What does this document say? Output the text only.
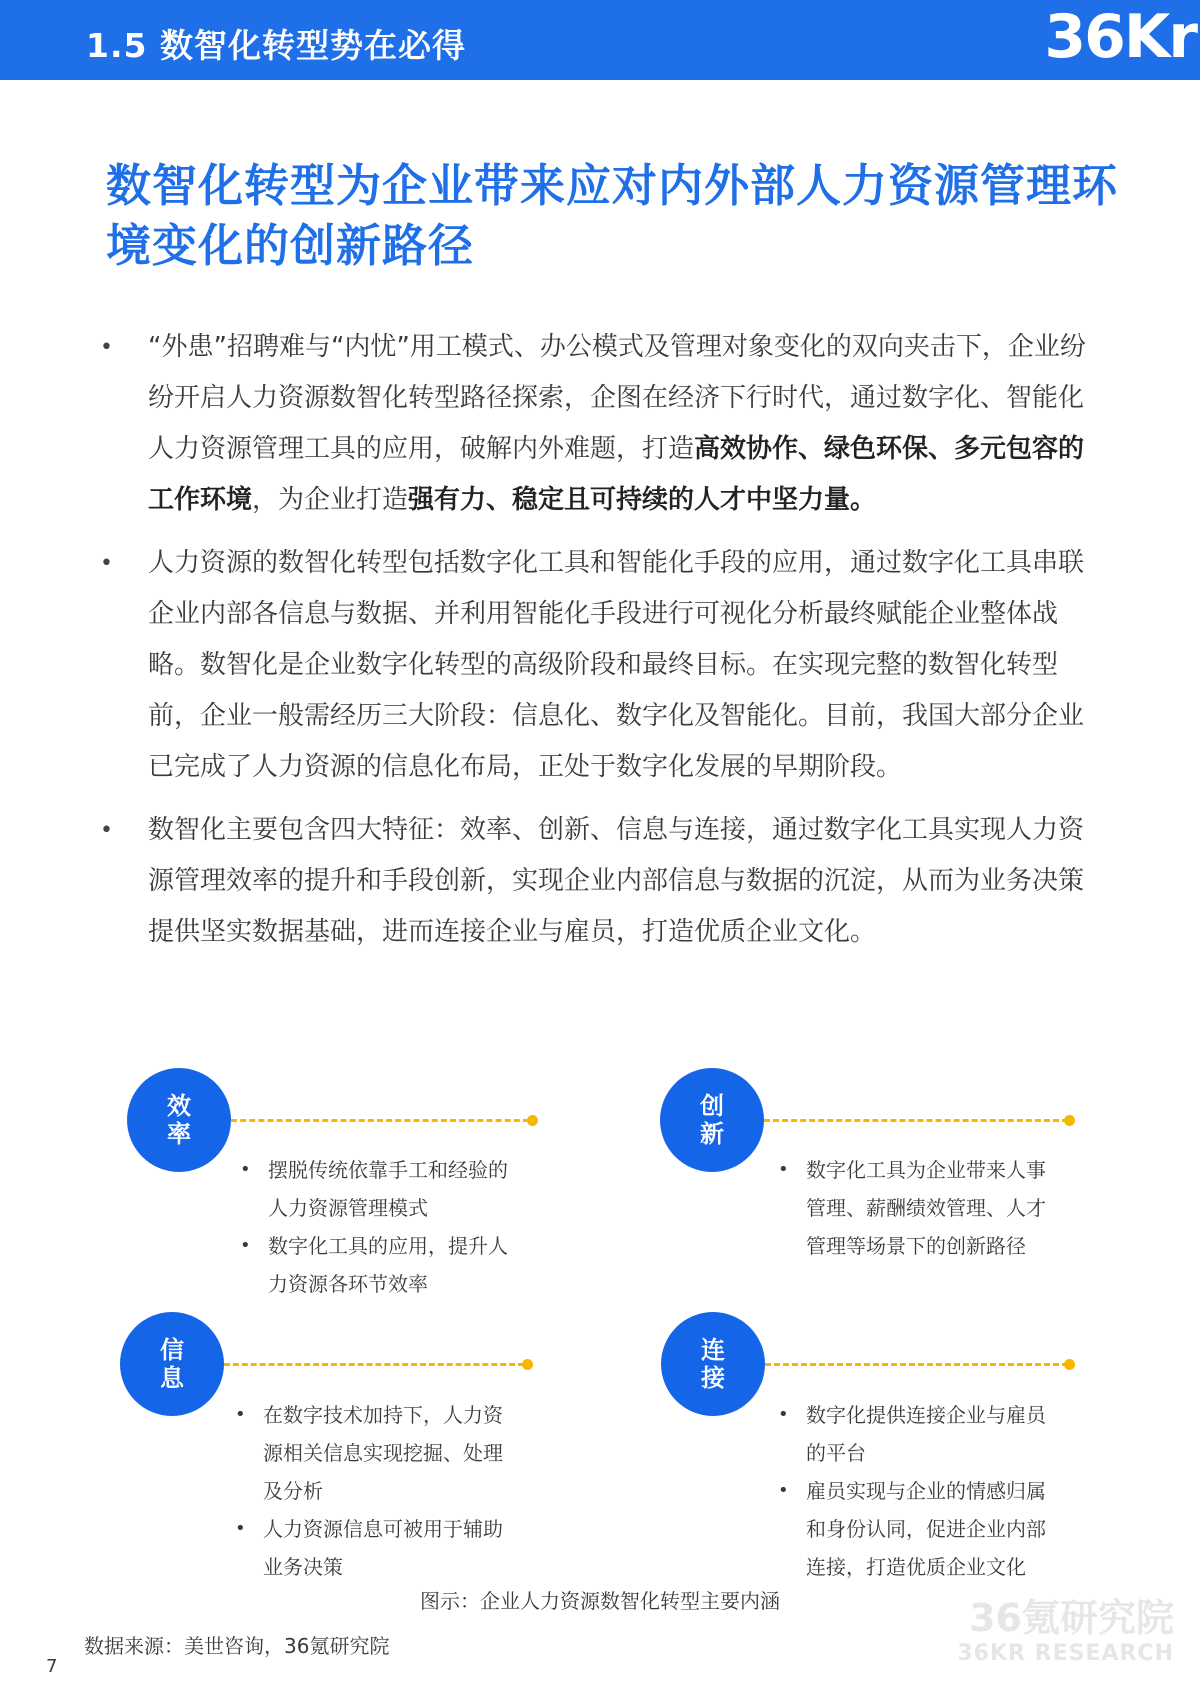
1.5 数智化转型势在必得	36Kr
数智化转型为企业带来应对内外部人力资源管理环境变化的创新路径
• “外患”招聘难与“内忧”用工模式、办公模式及管理对象变化的双向夹击下，企业纷纷开启人力资源数智化转型路径探索，企图在经济下行时代，通过数字化、智能化人力资源管理工具的应用，破解内外难题，打造高效协作、绿色环保、多元包容的工作环境，为企业打造强有力、稳定且可持续的人才中坚力量。
• 人力资源的数智化转型包括数字化工具和智能化手段的应用，通过数字化工具串联企业内部各信息与数据、并利用智能化手段进行可视化分析最终赋能企业整体战略。数智化是企业数字化转型的高级阶段和最终目标。在实现完整的数智化转型前，企业一般需经历三大阶段：信息化、数字化及智能化。目前，我国大部分企业已完成了人力资源的信息化布局，正处于数字化发展的早期阶段。
• 数智化主要包含四大特征：效率、创新、信息与连接，通过数字化工具实现人力资源管理效率的提升和手段创新，实现企业内部信息与数据的沉淀，从而为业务决策提供坚实数据基础，进而连接企业与雇员，打造优质企业文化。
效
率
• 摆脱传统依靠手工和经验的人力资源管理模式
• 数字化工具的应用，提升人力资源各环节效率
创
新
• 数字化工具为企业带来人事管理、薪酬绩效管理、人才管理等场景下的创新路径
信
息
• 在数字技术加持下，人力资源相关信息实现挖掘、处理及分析
• 人力资源信息可被用于辅助业务决策
连
接
• 数字化提供连接企业与雇员的平台
• 雇员实现与企业的情感归属和身份认同，促进企业内部连接，打造优质企业文化
图示：企业人力资源数智化转型主要内涵	36氪研究院
36KR RESEARCH
数据来源：美世咨询，36氪研究院
7
